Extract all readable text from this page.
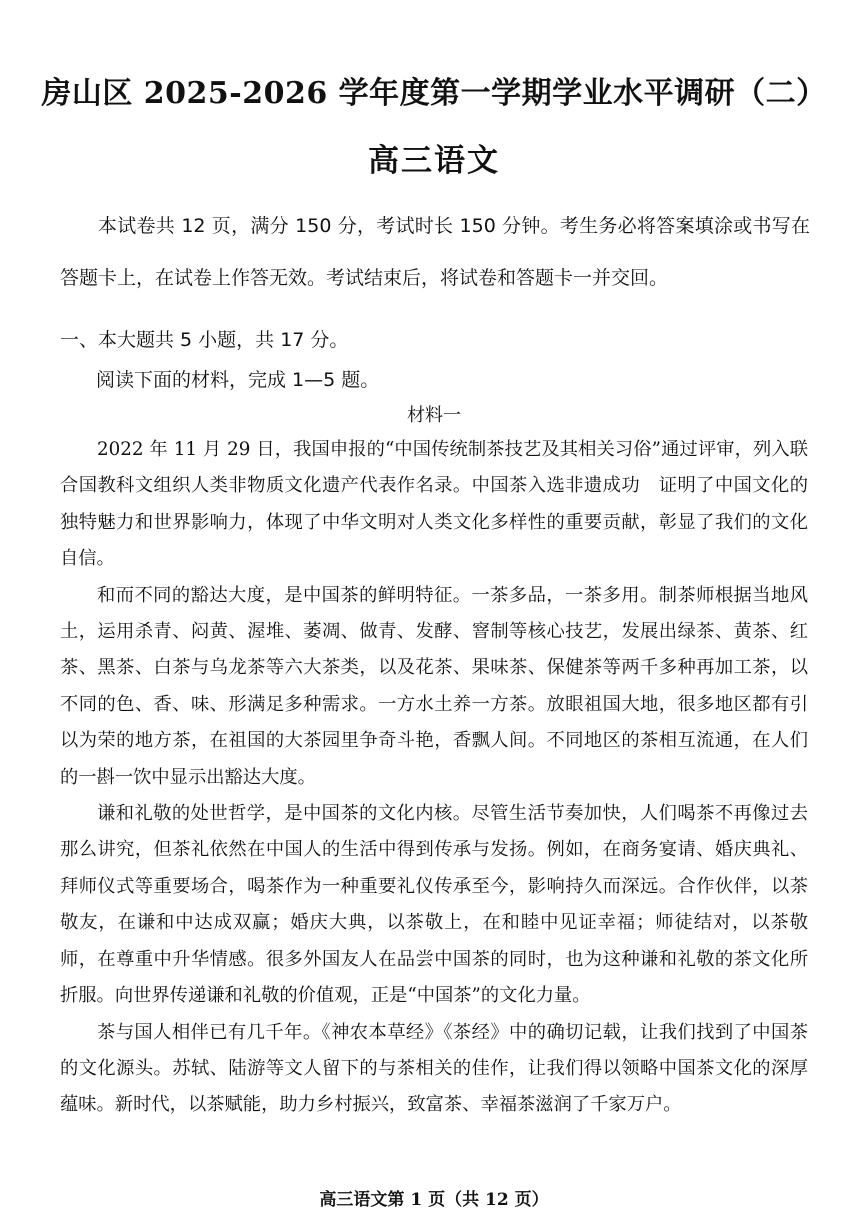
房山区 2025-2026 学年度第一学期学业水平调研（二）
高三语文
本试卷共 12 页，满分 150 分，考试时长 150 分钟。考生务必将答案填涂或书写在答题卡上，在试卷上作答无效。考试结束后，将试卷和答题卡一并交回。
一、本大题共 5 小题，共 17 分。
阅读下面的材料，完成 1—5 题。
材料一

2022 年 11 月 29 日，我国申报的“中国传统制茶技艺及其相关习俗”通过评审，列入联合国教科文组织人类非物质文化遗产代表作名录。中国茶入选非遗成功　证明了中国文化的独特魅力和世界影响力，体现了中华文明对人类文化多样性的重要贡献，彰显了我们的文化自信。

和而不同的豁达大度，是中国茶的鲜明特征。一茶多品，一茶多用。制茶师根据当地风土，运用杀青、闷黄、渥堆、萎凋、做青、发酵、窨制等核心技艺，发展出绿茶、黄茶、红茶、黑茶、白茶与乌龙茶等六大茶类，以及花茶、果味茶、保健茶等两千多种再加工茶，以不同的色、香、味、形满足多种需求。一方水土养一方茶。放眼祖国大地，很多地区都有引以为荣的地方茶，在祖国的大茶园里争奇斗艳，香飘人间。不同地区的茶相互流通，在人们的一斟一饮中显示出豁达大度。

谦和礼敬的处世哲学，是中国茶的文化内核。尽管生活节奏加快，人们喝茶不再像过去那么讲究，但茶礼依然在中国人的生活中得到传承与发扬。例如，在商务宴请、婚庆典礼、拜师仪式等重要场合，喝茶作为一种重要礼仪传承至今，影响持久而深远。合作伙伴，以茶敬友，在谦和中达成双赢；婚庆大典，以茶敬上，在和睦中见证幸福；师徒结对，以茶敬师，在尊重中升华情感。很多外国友人在品尝中国茶的同时，也为这种谦和礼敬的茶文化所折服。向世界传递谦和礼敬的价值观，正是“中国茶”的文化力量。

茶与国人相伴已有几千年。《神农本草经》《茶经》中的确切记载，让我们找到了中国茶的文化源头。苏轼、陆游等文人留下的与茶相关的佳作，让我们得以领略中国茶文化的深厚蕴味。新时代，以茶赋能，助力乡村振兴，致富茶、幸福茶滋润了千家万户。

高三语文第 1 页（共 12 页）
